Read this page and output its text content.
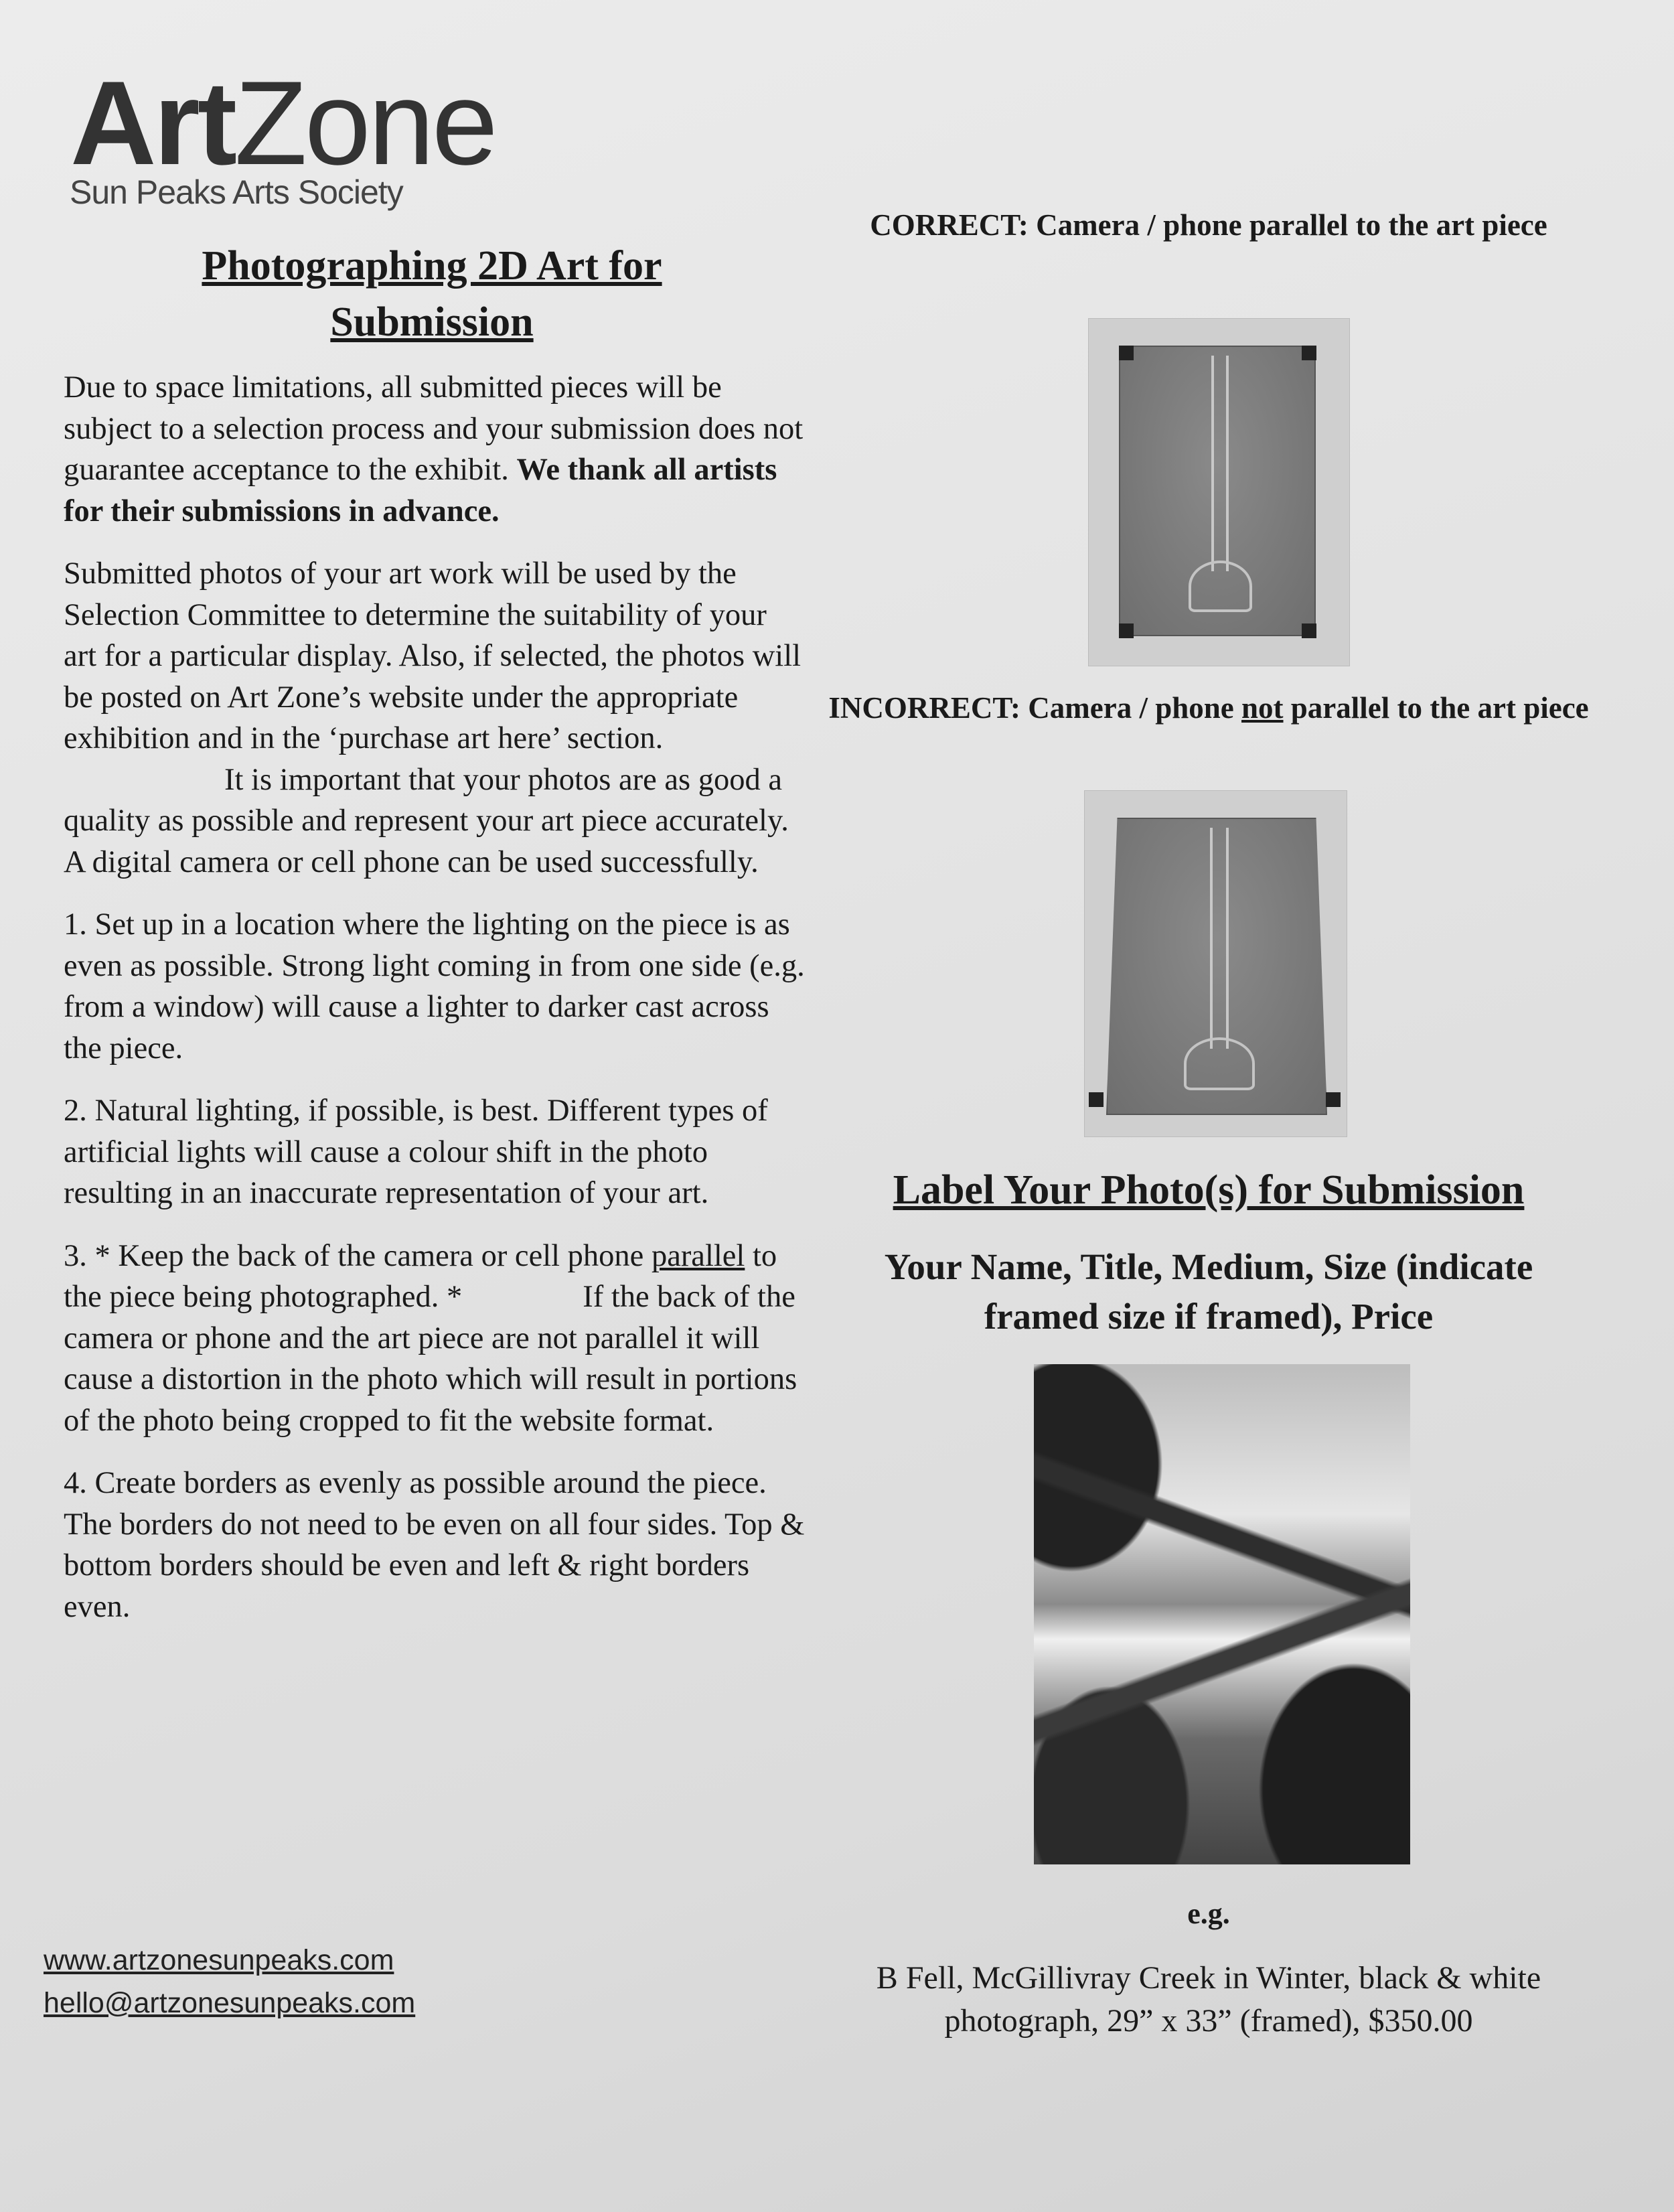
ArtZone
Sun Peaks Arts Society
Photographing 2D Art for
Submission

Due to space limitations, all submitted pieces will be subject to a selection process and your submission does not guarantee acceptance to the exhibit. We thank all artists for their submissions in advance.

Submitted photos of your art work will be used by the Selection Committee to determine the suitability of your art for a particular display. Also, if selected, the photos will be posted on Art Zone’s website under the appropriate exhibition and in the ‘purchase art here’ section.It is important that your photos are as good a quality as possible and represent your art piece accurately. A digital camera or cell phone can be used successfully.

1. Set up in a location where the lighting on the piece is as even as possible. Strong light coming in from one side (e.g. from a window) will cause a lighter to darker cast across the piece.

2. Natural lighting, if possible, is best. Different types of artificial lights will cause a colour shift in the photo resulting in an inaccurate representation of your art.

3. * Keep the back of the camera or cell phone parallel to the piece being photographed. *	If the back of the camera or phone and the art piece are not parallel it will cause a distortion in the photo which will result in portions of the photo being cropped to fit the website format.

4. Create borders as evenly as possible around the piece. The borders do not need to be even on all four sides. Top & bottom borders should be even and left & right borders even.

www.artzonesunpeaks.com
hello@artzonesunpeaks.com
CORRECT: Camera / phone parallel to the art piece
INCORRECT: Camera / phone not parallel to the art piece
Label Your Photo(s) for Submission
Your Name, Title, Medium, Size (indicate framed size if framed), Price
e.g.
B Fell, McGillivray Creek in Winter, black & white photograph, 29” x 33” (framed), $350.00
